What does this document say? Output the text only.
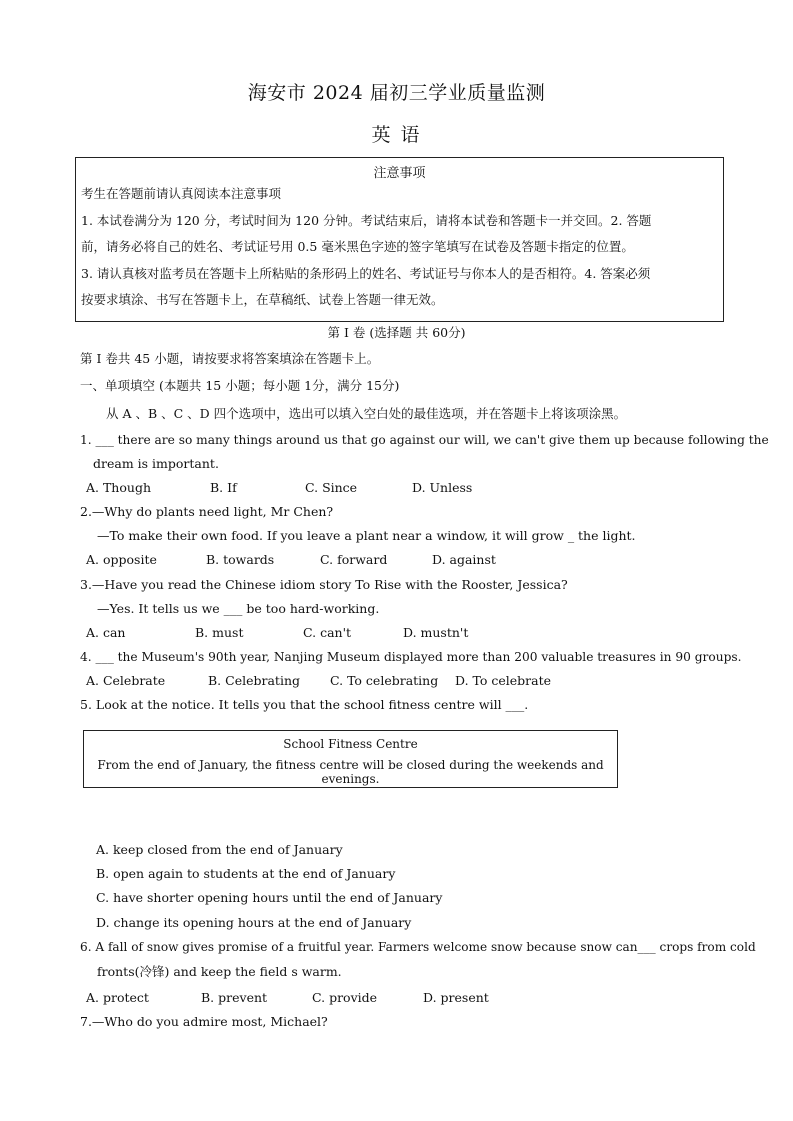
海安市 2024 届初三学业质量监测
英 语
注意事项

考生在答题前请认真阅读本注意事项

1. 本试卷满分为 120 分，考试时间为 120 分钟。考试结束后，请将本试卷和答题卡一并交回。2. 答题

前，请务必将自己的姓名、考试证号用 0.5 毫米黑色字迹的签字笔填写在试卷及答题卡指定的位置。

3. 请认真核对监考员在答题卡上所粘贴的条形码上的姓名、考试证号与你本人的是否相符。4. 答案必须

按要求填涂、书写在答题卡上，在草稿纸、试卷上答题一律无效。

第 I 卷 (选择题 共 60分)
第 I 卷共 45 小题，请按要求将答案填涂在答题卡上。
一、单项填空 (本题共 15 小题；每小题 1分，满分 15分)
从 A 、B 、C 、D 四个选项中，选出可以填入空白处的最佳选项，并在答题卡上将该项涂黑。
1. ___ there are so many things around us that go against our will, we can't give them up because following the
dream is important.
A. Though	B. If	C. Since	D. Unless
2.—Why do plants need light, Mr Chen?
—To make their own food. If you leave a plant near a window, it will grow _ the light.
A. opposite	B. towards	C. forward	D. against
3.—Have you read the Chinese idiom story To Rise with the Rooster, Jessica?
—Yes. It tells us we ___ be too hard-working.
A. can	B. must	C. can't	D. mustn't
4. ___ the Museum's 90th year, Nanjing Museum displayed more than 200 valuable treasures in 90 groups.
A. Celebrate	B. Celebrating C. To celebrating D. To celebrate
5. Look at the notice. It tells you that the school fitness centre will ___.
School Fitness Centre
From the end of January, the fitness centre will be closed during the weekends and evenings.
A. keep closed from the end of January
B. open again to students at the end of January
C. have shorter opening hours until the end of January
D. change its opening hours at the end of January
6. A fall of snow gives promise of a fruitful year. Farmers welcome snow because snow can___ crops from cold
fronts(冷锋) and keep the field s warm.
A. protect	B. prevent	C. provide	D. present
7.—Who do you admire most, Michael?
